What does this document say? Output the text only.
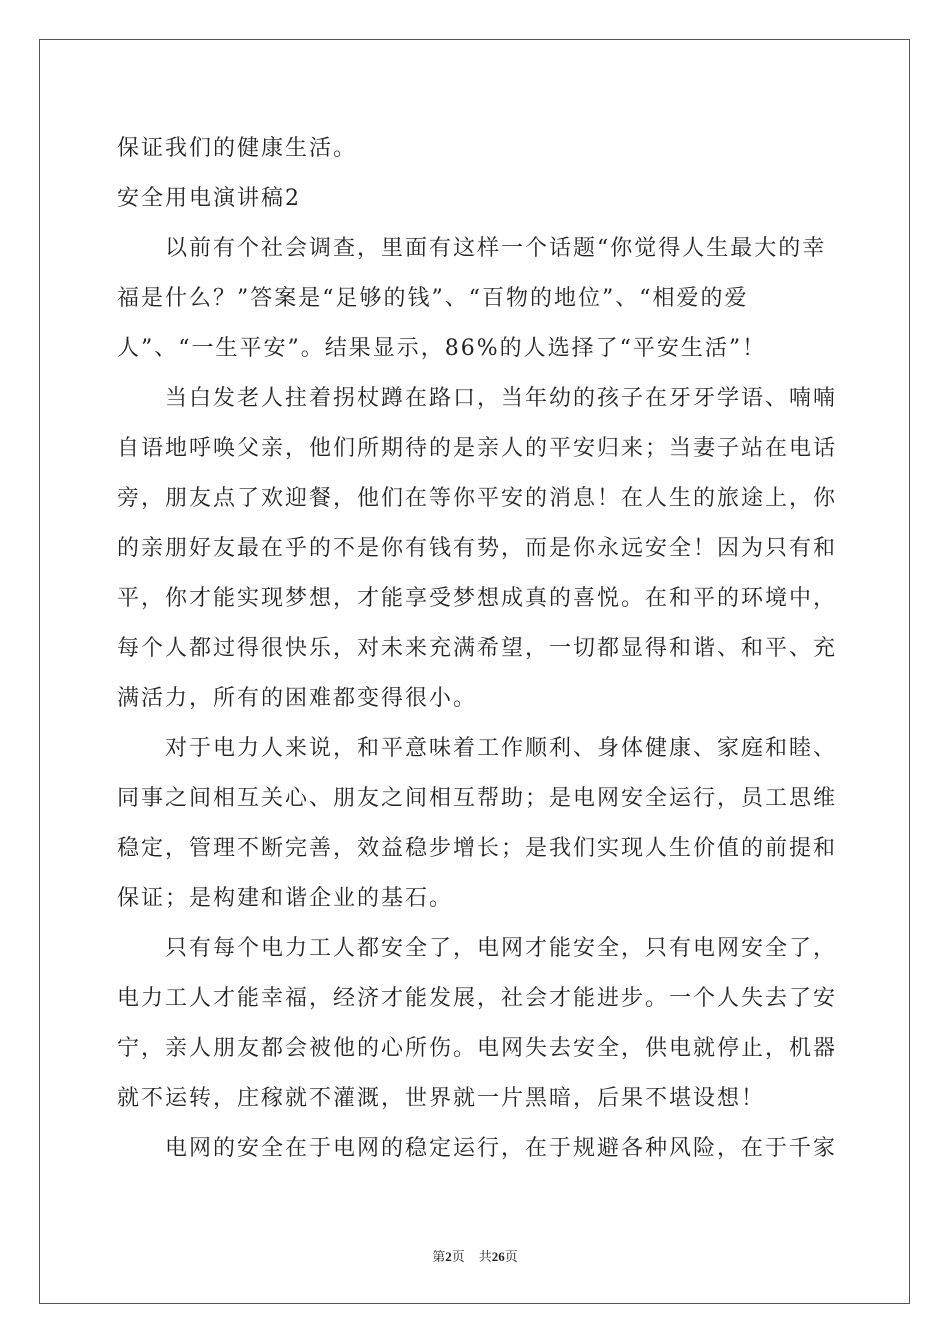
保证我们的健康生活。
安全用电演讲稿2
以前有个社会调查，里面有这样一个话题“你觉得人生最大的幸
福是什么？”答案是“足够的钱”、“百物的地位”、“相爱的爱
人”、“一生平安”。结果显示，86%的人选择了“平安生活”！
当白发老人拄着拐杖蹲在路口，当年幼的孩子在牙牙学语、喃喃
自语地呼唤父亲，他们所期待的是亲人的平安归来；当妻子站在电话
旁，朋友点了欢迎餐，他们在等你平安的消息！在人生的旅途上，你
的亲朋好友最在乎的不是你有钱有势，而是你永远安全！因为只有和
平，你才能实现梦想，才能享受梦想成真的喜悦。在和平的环境中，
每个人都过得很快乐，对未来充满希望，一切都显得和谐、和平、充
满活力，所有的困难都变得很小。
对于电力人来说，和平意味着工作顺利、身体健康、家庭和睦、
同事之间相互关心、朋友之间相互帮助；是电网安全运行，员工思维
稳定，管理不断完善，效益稳步增长；是我们实现人生价值的前提和
保证；是构建和谐企业的基石。
只有每个电力工人都安全了，电网才能安全，只有电网安全了，
电力工人才能幸福，经济才能发展，社会才能进步。一个人失去了安
宁，亲人朋友都会被他的心所伤。电网失去安全，供电就停止，机器
就不运转，庄稼就不灌溉，世界就一片黑暗，后果不堪设想！
电网的安全在于电网的稳定运行，在于规避各种风险，在于千家
第2页 共26页
